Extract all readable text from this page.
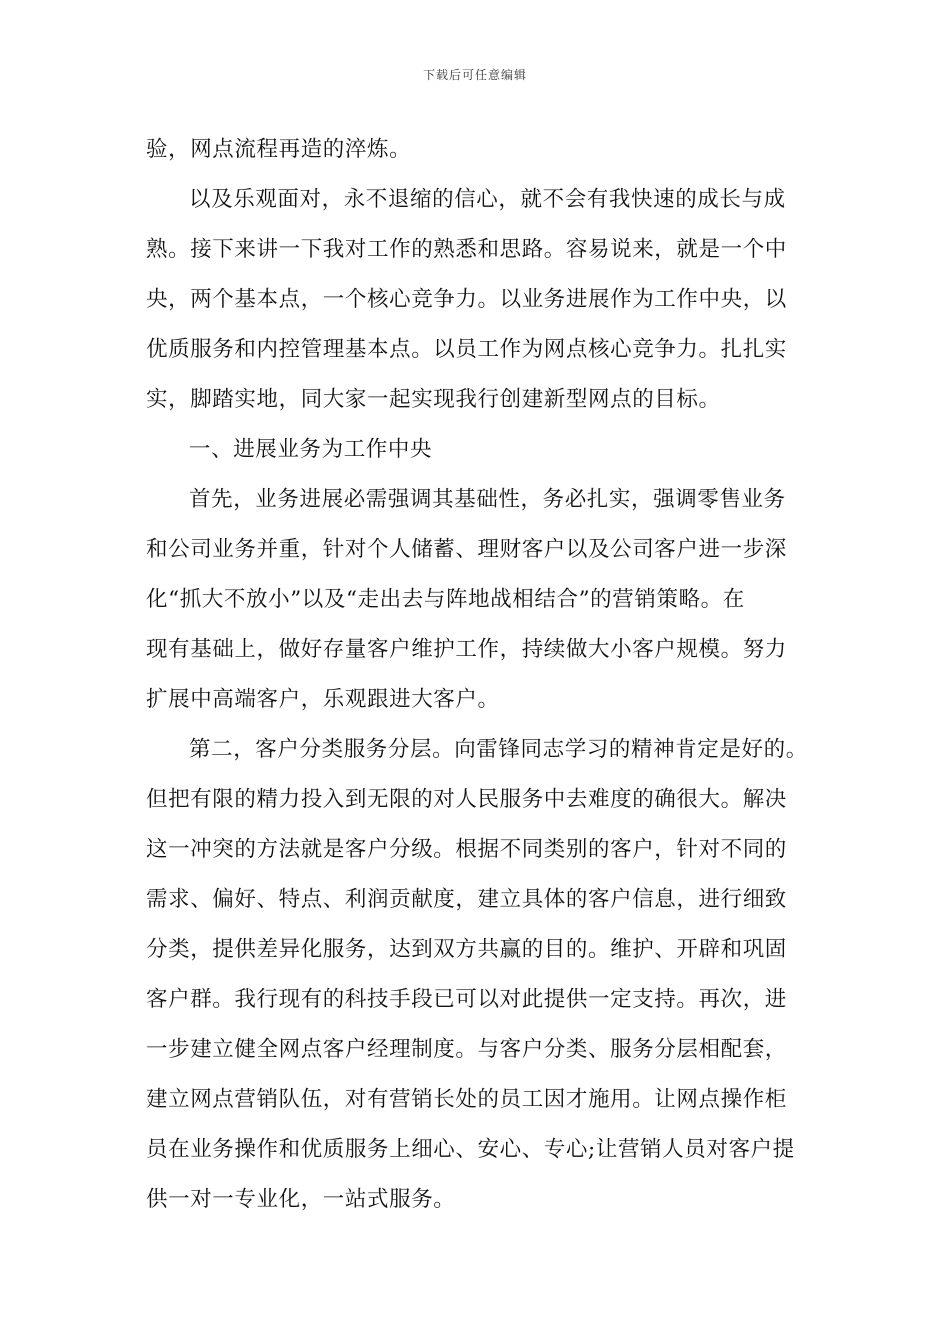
下载后可任意编辑
验，网点流程再造的淬炼。
以及乐观面对，永不退缩的信心，就不会有我快速的成长与成
熟。接下来讲一下我对工作的熟悉和思路。容易说来，就是一个中
央，两个基本点，一个核心竞争力。以业务进展作为工作中央，以
优质服务和内控管理基本点。以员工作为网点核心竞争力。扎扎实
实，脚踏实地，同大家一起实现我行创建新型网点的目标。
一、进展业务为工作中央
首先，业务进展必需强调其基础性，务必扎实，强调零售业务
和公司业务并重，针对个人储蓄、理财客户以及公司客户进一步深
化“抓大不放小”以及“走出去与阵地战相结合”的营销策略。在
现有基础上，做好存量客户维护工作，持续做大小客户规模。努力
扩展中高端客户，乐观跟进大客户。
第二，客户分类服务分层。向雷锋同志学习的精神肯定是好的。
但把有限的精力投入到无限的对人民服务中去难度的确很大。解决
这一冲突的方法就是客户分级。根据不同类别的客户，针对不同的
需求、偏好、特点、利润贡献度，建立具体的客户信息，进行细致
分类，提供差异化服务，达到双方共赢的目的。维护、开辟和巩固
客户群。我行现有的科技手段已可以对此提供一定支持。再次，进
一步建立健全网点客户经理制度。与客户分类、服务分层相配套，
建立网点营销队伍，对有营销长处的员工因才施用。让网点操作柜
员在业务操作和优质服务上细心、安心、专心;让营销人员对客户提
供一对一专业化，一站式服务。
